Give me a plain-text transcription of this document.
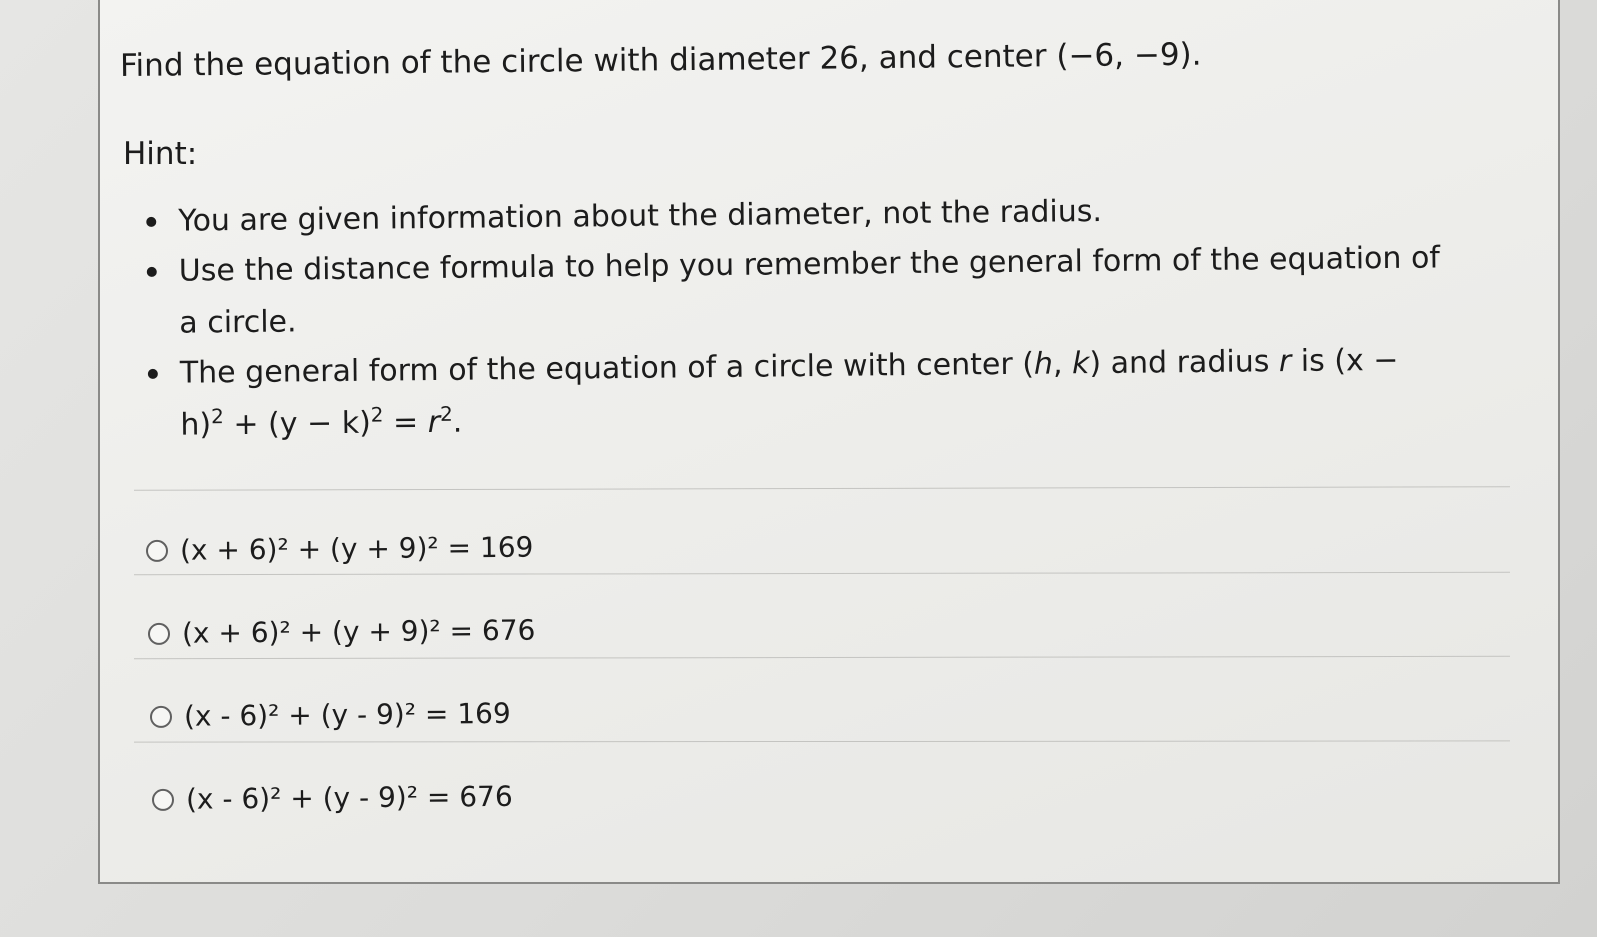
Find the equation of the circle with diameter 26, and center (−6, −9).
Hint:
You are given information about the diameter, not the radius.
Use the distance formula to help you remember the general form of the equation of a circle.
The general form of the equation of a circle with center (h, k) and radius r is $(x - h)^2 + (y - k)^2 = r^2$.
(x + 6)² + (y + 9)² = 169
(x + 6)² + (y + 9)² = 676
(x - 6)² + (y - 9)² = 169
(x - 6)² + (y - 9)² = 676
